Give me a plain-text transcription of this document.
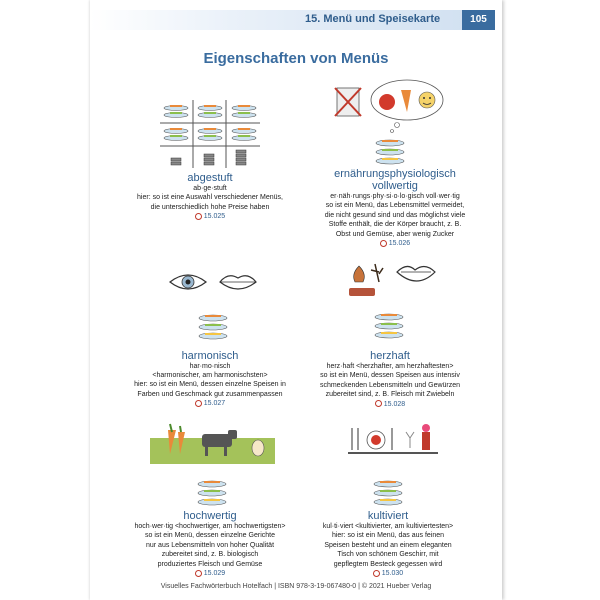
15. Menü und Speisekarte	105
Eigenschaften von Menüs
abgestuft
ab·ge·stuft
hier: so ist eine Auswahl verschiedener Menüs,
die unterschiedlich hohe Preise haben
15.025
ernährungsphysiologisch
vollwertig
er·näh·rungs·phy·si·o·lo·gisch voll·wer·tig
so ist ein Menü, das Lebensmittel vermeidet,
die nicht gesund sind und das möglichst viele
Stoffe enthält, die der Körper braucht, z. B.
Obst und Gemüse, aber wenig Zucker
15.026
harmonisch
har·mo·nisch
<harmonischer, am harmonischsten>
hier: so ist ein Menü, dessen einzelne Speisen in
Farben und Geschmack gut zusammenpassen
15.027
herzhaft
herz·haft <herzhafter, am herzhaftesten>
so ist ein Menü, dessen Speisen aus intensiv
schmeckenden Lebensmitteln und Gewürzen
zubereitet sind, z. B. Fleisch mit Zwiebeln
15.028
hochwertig
hoch·wer·tig <hochwertiger, am hochwertigsten>
so ist ein Menü, dessen einzelne Gerichte
nur aus Lebensmitteln von hoher Qualität
zubereitet sind, z. B. biologisch
produziertes Fleisch und Gemüse
15.029
kultiviert
kul·ti·viert <kultivierter, am kultiviertesten>
hier: so ist ein Menü, das aus feinen
Speisen besteht und an einem eleganten
Tisch von schönem Geschirr, mit
gepflegtem Besteck gegessen wird
15.030
Visuelles Fachwörterbuch Hotelfach | ISBN 978-3-19-067480-0 | © 2021 Hueber Verlag
